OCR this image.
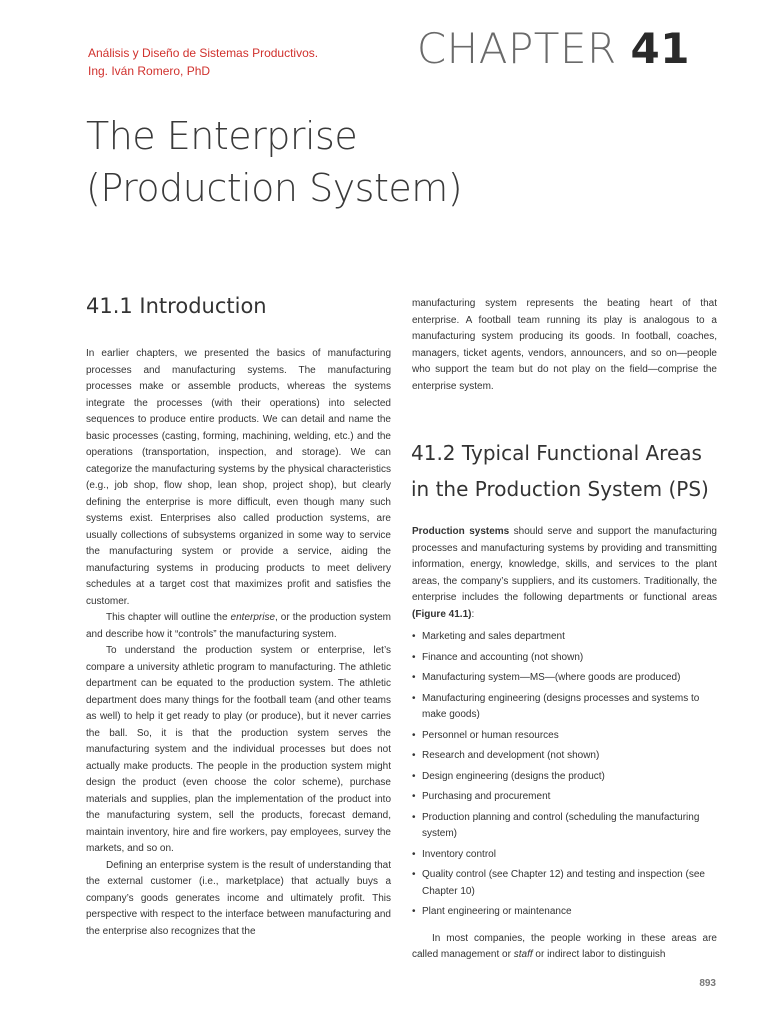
Análisis y Diseño de Sistemas Productivos.
Ing. Iván Romero, PhD	CHAPTER 41
The Enterprise
(Production System)
41.1 Introduction

In earlier chapters, we presented the basics of manufacturing processes and manufacturing systems. The manufacturing processes make or assemble products, whereas the systems integrate the processes (with their operations) into selected sequences to produce entire products. We can detail and name the basic processes (casting, forming, machining, welding, etc.) and the operations (transportation, inspection, and storage). We can categorize the manufacturing systems by the physical characteristics (e.g., job shop, flow shop, lean shop, project shop), but clearly defining the enterprise is more difficult, even though many such systems exist. Enterprises also called production systems, are usually collections of subsystems organized in some way to service the manufacturing system or provide a service, aiding the manufacturing systems in producing products to meet delivery schedules at a target cost that maximizes profit and satisfies the customer.

This chapter will outline the enterprise, or the production system and describe how it “controls” the manufacturing system.

To understand the production system or enterprise, let’s compare a university athletic program to manufacturing. The athletic department can be equated to the production system. The athletic department does many things for the football team (and other teams as well) to help it get ready to play (or produce), but it never carries the ball. So, it is that the production system serves the manufacturing system and the individual processes but does not actually make products. The people in the production system might design the product (even choose the color scheme), purchase materials and supplies, plan the implementation of the product into the manufacturing system, sell the products, forecast demand, maintain inventory, hire and fire workers, pay employees, survey the markets, and so on.

Defining an enterprise system is the result of understanding that the external customer (i.e., marketplace) that actually buys a company’s goods generates income and ultimately profit. This perspective with respect to the interface between manufacturing and the enterprise also recognizes that the

manufacturing system represents the beating heart of that enterprise. A football team running its play is analogous to a manufacturing system producing its goods. In football, coaches, managers, ticket agents, vendors, announcers, and so on—people who support the team but do not play on the field—comprise the enterprise system.

41.2 Typical Functional Areas
in the Production System (PS)

Production systems should serve and support the manufacturing processes and manufacturing systems by providing and transmitting information, energy, knowledge, skills, and services to the plant areas, the company’s suppliers, and its customers. Traditionally, the enterprise includes the following departments or functional areas (Figure 41.1):

• Marketing and sales department
• Finance and accounting (not shown)
• Manufacturing system—MS—(where goods are produced)
• Manufacturing engineering (designs processes and systems to make goods)
• Personnel or human resources
• Research and development (not shown)
• Design engineering (designs the product)
• Purchasing and procurement
• Production planning and control (scheduling the manufacturing system)
• Inventory control
• Quality control (see Chapter 12) and testing and inspection (see Chapter 10)
• Plant engineering or maintenance

In most companies, the people working in these areas are called management or staff or indirect labor to distinguish

893
